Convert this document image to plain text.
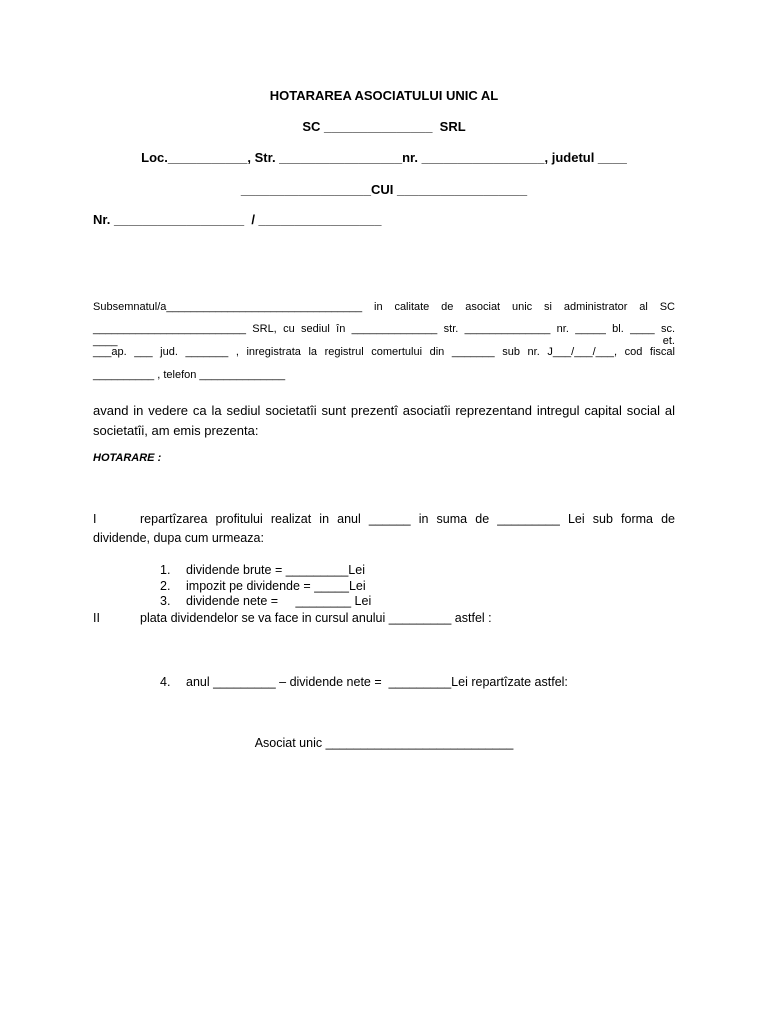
HOTARAREA ASOCIATULUI UNIC AL
SC _______________  SRL
Loc.___________, Str. _________________nr. _________________, judetul ____
__________________CUI __________________
Nr. __________________  / _________________
Subsemnatul/a________________________________ in calitate de asociat unic si administrator al SC
_________________________ SRL, cu sediul în ______________ str. ______________ nr. _____ bl. ____ sc. ____ et.
___ap. ___ jud. _______ , inregistrata la registrul comertului din _______ sub nr. J___/___/___, cod fiscal
__________ , telefon ______________
avand in vedere ca la sediul societatîi sunt prezentî asociatîi reprezentand intregul capital social al societatîi, am emis prezenta:
HOTARARE :
I	repartîzarea profitului realizat in anul ______ in suma de _________ Lei sub forma de
dividende, dupa cum urmeaza:
1. dividende brute = _________Lei
2. impozit pe dividende = _____Lei
3. dividende nete =     ________ Lei
II	plata dividendelor se va face in cursul anului _________ astfel :
4. anul _________ – dividende nete =  _________Lei repartîzate astfel:
Asociat unic ___________________________
